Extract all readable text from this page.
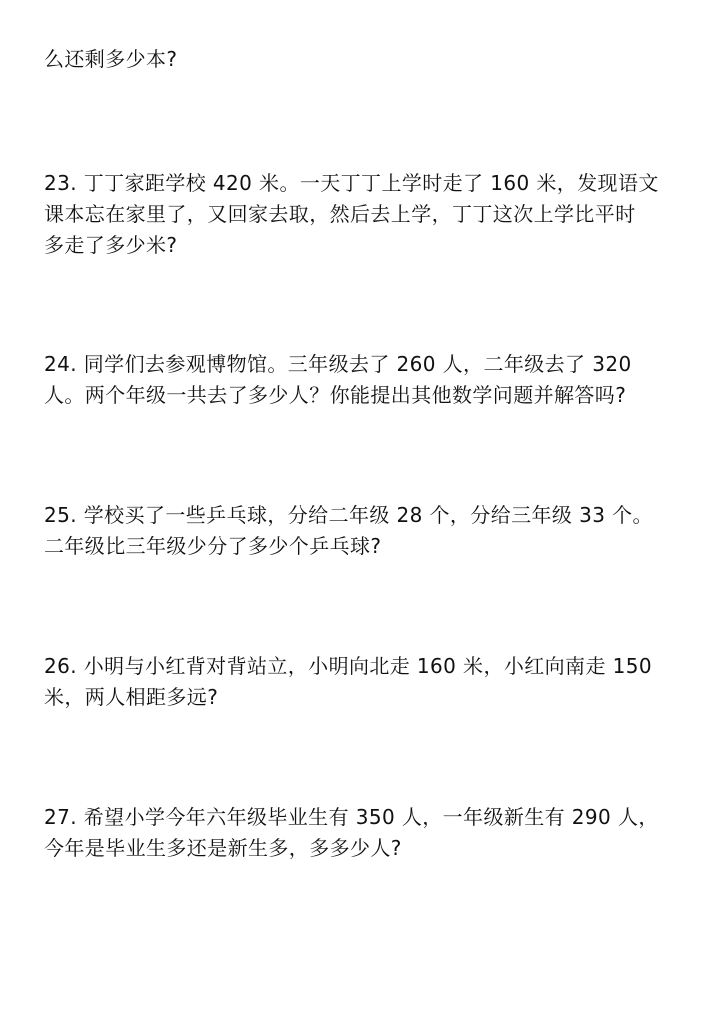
么还剩多少本?

23. 丁丁家距学校 420 米。一天丁丁上学时走了 160 米，发现语文
课本忘在家里了，又回家去取，然后去上学，丁丁这次上学比平时
多走了多少米?

24. 同学们去参观博物馆。三年级去了 260 人，二年级去了 320
人。两个年级一共去了多少人？你能提出其他数学问题并解答吗?

25. 学校买了一些乒乓球，分给二年级 28 个，分给三年级 33 个。
二年级比三年级少分了多少个乒乓球?

26. 小明与小红背对背站立，小明向北走 160 米，小红向南走 150
米，两人相距多远?

27. 希望小学今年六年级毕业生有 350 人，一年级新生有 290 人，
今年是毕业生多还是新生多，多多少人?
